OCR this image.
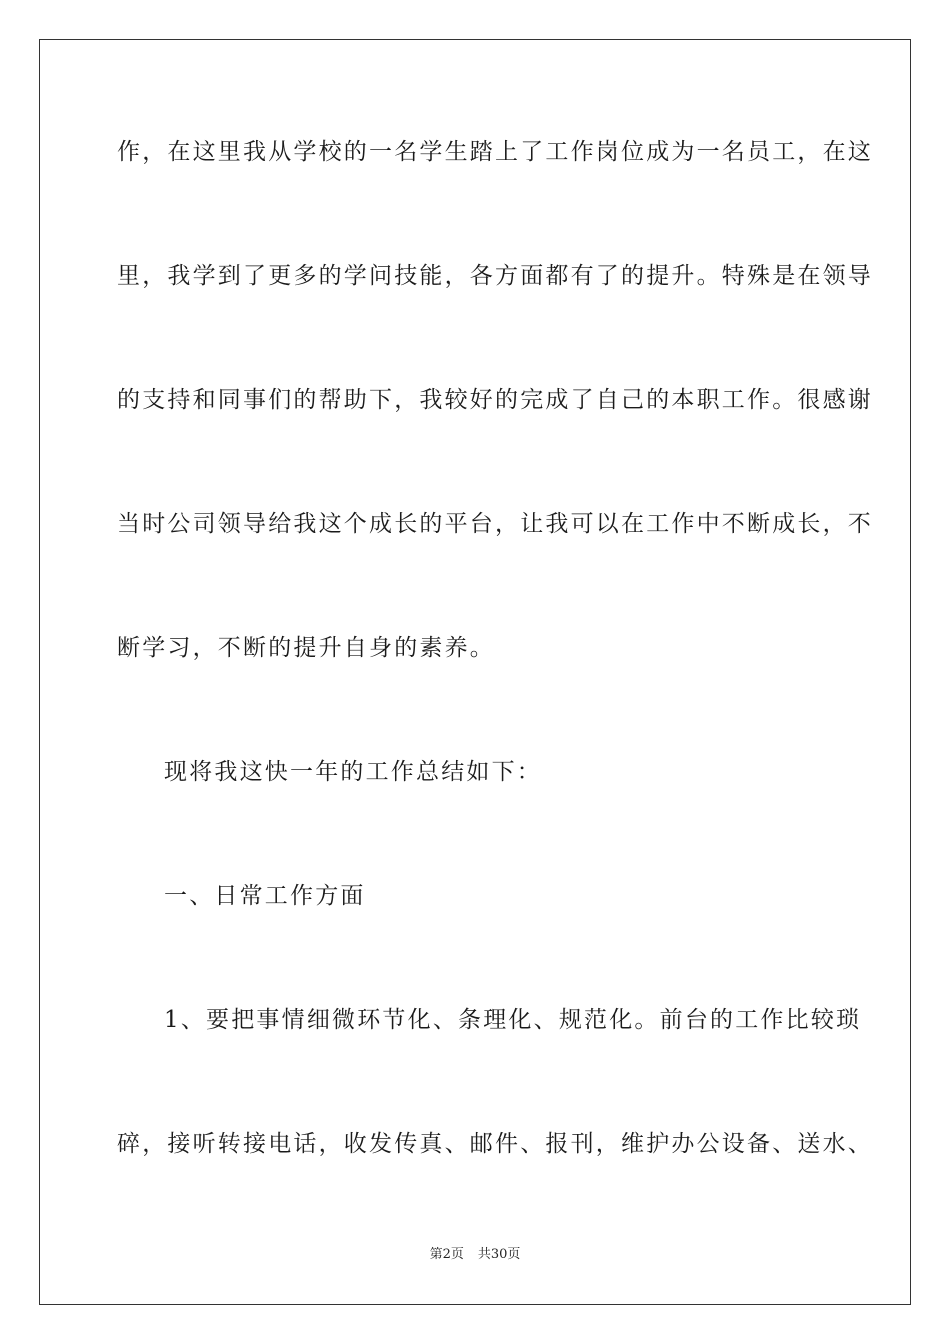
作，在这里我从学校的一名学生踏上了工作岗位成为一名员工，在这
里，我学到了更多的学问技能，各方面都有了的提升。特殊是在领导
的支持和同事们的帮助下，我较好的完成了自己的本职工作。很感谢
当时公司领导给我这个成长的平台，让我可以在工作中不断成长，不
断学习，不断的提升自身的素养。
现将我这快一年的工作总结如下：
一、日常工作方面
1、要把事情细微环节化、条理化、规范化。前台的工作比较琐
碎，接听转接电话，收发传真、邮件、报刊，维护办公设备、送水、
第2页 共30页
